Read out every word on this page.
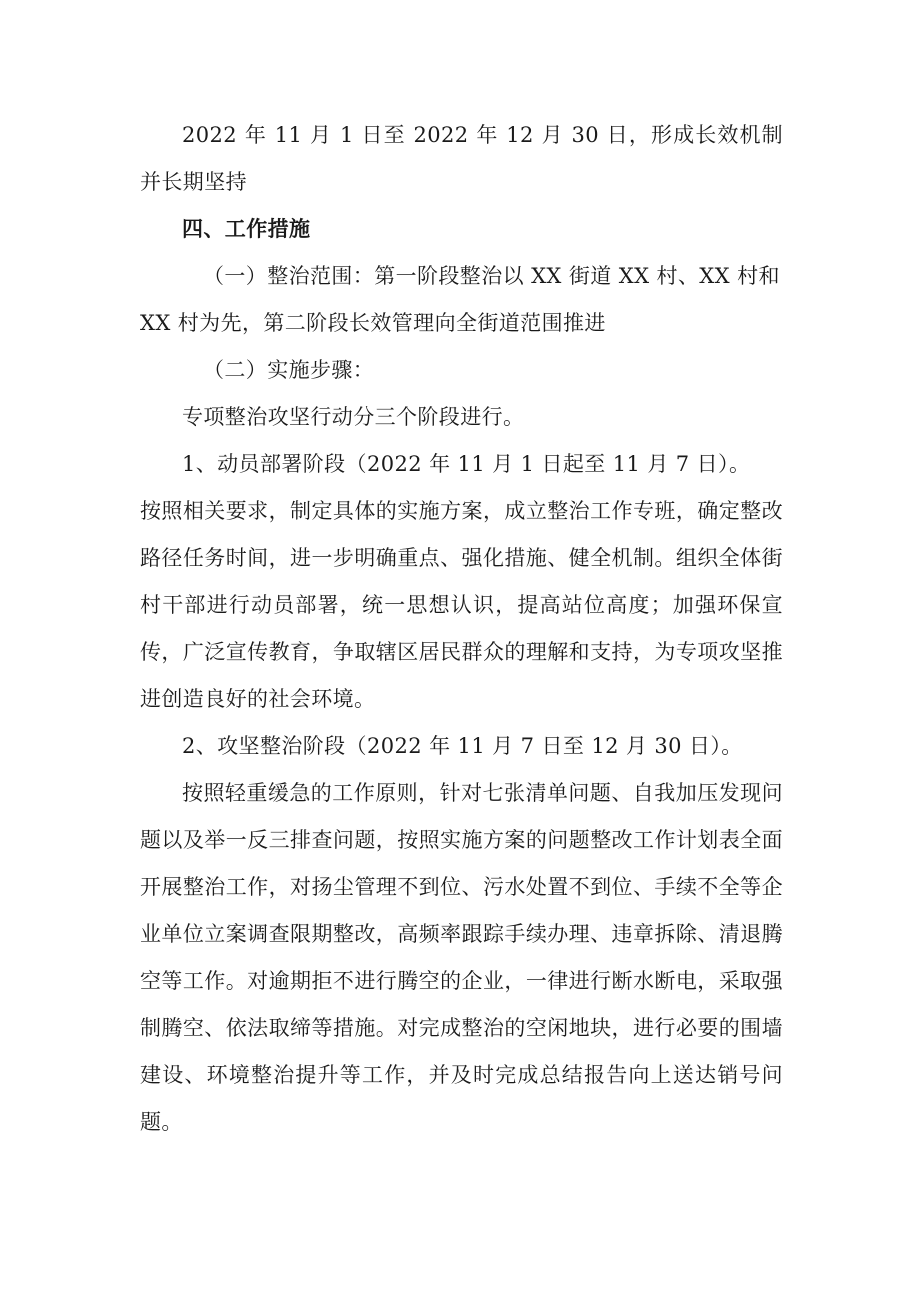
2022 年 11 月 1 日至 2022 年 12 月 30 日，形成长效机制并长期坚持

四、工作措施

（一）整治范围：第一阶段整治以 XX 街道 XX 村、XX 村和 XX 村为先，第二阶段长效管理向全街道范围推进

（二）实施步骤：

专项整治攻坚行动分三个阶段进行。

1、动员部署阶段（2022 年 11 月 1 日起至 11 月 7 日）。

按照相关要求，制定具体的实施方案，成立整治工作专班，确定整改路径任务时间，进一步明确重点、强化措施、健全机制。组织全体街村干部进行动员部署，统一思想认识，提高站位高度；加强环保宣传，广泛宣传教育，争取辖区居民群众的理解和支持，为专项攻坚推进创造良好的社会环境。

2、攻坚整治阶段（2022 年 11 月 7 日至 12 月 30 日）。

按照轻重缓急的工作原则，针对七张清单问题、自我加压发现问题以及举一反三排查问题，按照实施方案的问题整改工作计划表全面开展整治工作，对扬尘管理不到位、污水处置不到位、手续不全等企业单位立案调查限期整改，高频率跟踪手续办理、违章拆除、清退腾空等工作。对逾期拒不进行腾空的企业，一律进行断水断电，采取强制腾空、依法取缔等措施。对完成整治的空闲地块，进行必要的围墙建设、环境整治提升等工作，并及时完成总结报告向上送达销号问题。
